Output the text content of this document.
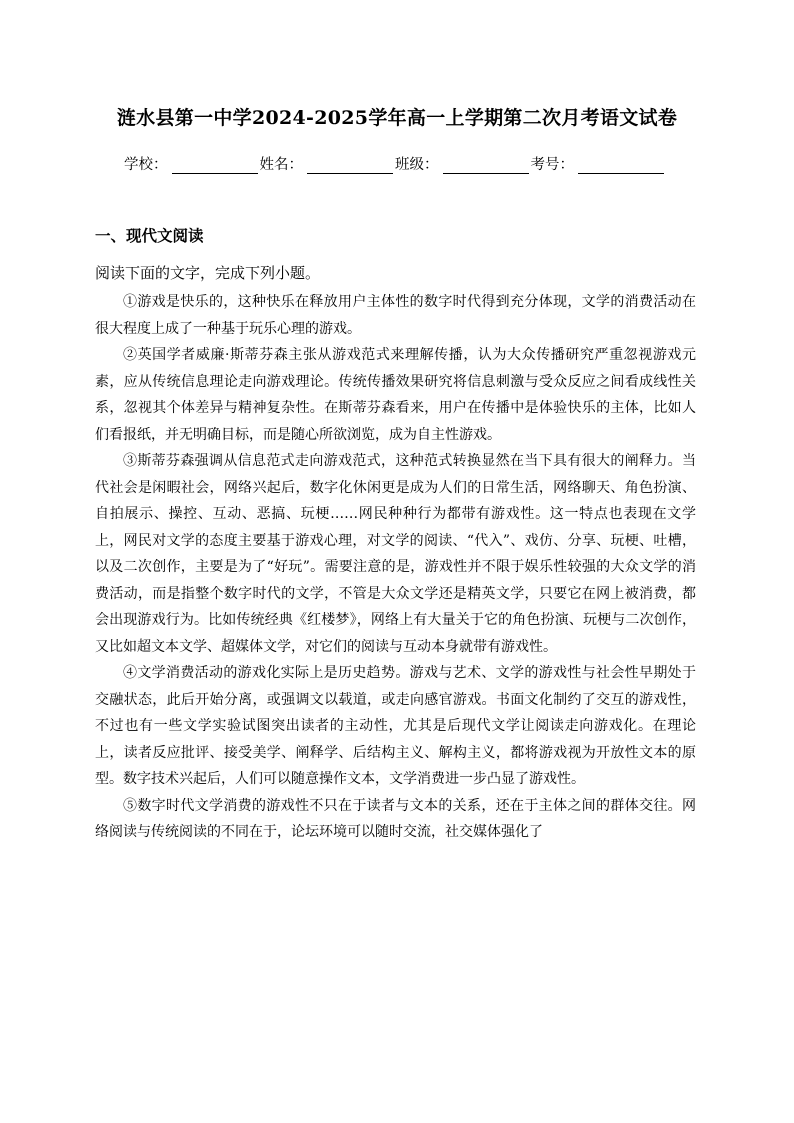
涟水县第一中学2024-2025学年高一上学期第二次月考语文试卷
学校：	姓名：	班级：	考号：
一、现代文阅读
阅读下面的文字，完成下列小题。

①游戏是快乐的，这种快乐在释放用户主体性的数字时代得到充分体现，文学的消费活动在很大程度上成了一种基于玩乐心理的游戏。

②英国学者威廉·斯蒂芬森主张从游戏范式来理解传播，认为大众传播研究严重忽视游戏元素，应从传统信息理论走向游戏理论。传统传播效果研究将信息刺激与受众反应之间看成线性关系，忽视其个体差异与精神复杂性。在斯蒂芬森看来，用户在传播中是体验快乐的主体，比如人们看报纸，并无明确目标，而是随心所欲浏览，成为自主性游戏。

③斯蒂芬森强调从信息范式走向游戏范式，这种范式转换显然在当下具有很大的阐释力。当代社会是闲暇社会，网络兴起后，数字化休闲更是成为人们的日常生活，网络聊天、角色扮演、自拍展示、操控、互动、恶搞、玩梗……网民种种行为都带有游戏性。这一特点也表现在文学上，网民对文学的态度主要基于游戏心理，对文学的阅读、“代入”、戏仿、分享、玩梗、吐槽，以及二次创作，主要是为了“好玩”。需要注意的是，游戏性并不限于娱乐性较强的大众文学的消费活动，而是指整个数字时代的文学，不管是大众文学还是精英文学，只要它在网上被消费，都会出现游戏行为。比如传统经典《红楼梦》，网络上有大量关于它的角色扮演、玩梗与二次创作，又比如超文本文学、超媒体文学，对它们的阅读与互动本身就带有游戏性。

④文学消费活动的游戏化实际上是历史趋势。游戏与艺术、文学的游戏性与社会性早期处于交融状态，此后开始分离，或强调文以载道，或走向感官游戏。书面文化制约了交互的游戏性，不过也有一些文学实验试图突出读者的主动性，尤其是后现代文学让阅读走向游戏化。在理论上，读者反应批评、接受美学、阐释学、后结构主义、解构主义，都将游戏视为开放性文本的原型。数字技术兴起后，人们可以随意操作文本，文学消费进一步凸显了游戏性。

⑤数字时代文学消费的游戏性不只在于读者与文本的关系，还在于主体之间的群体交往。网络阅读与传统阅读的不同在于，论坛环境可以随时交流，社交媒体强化了
